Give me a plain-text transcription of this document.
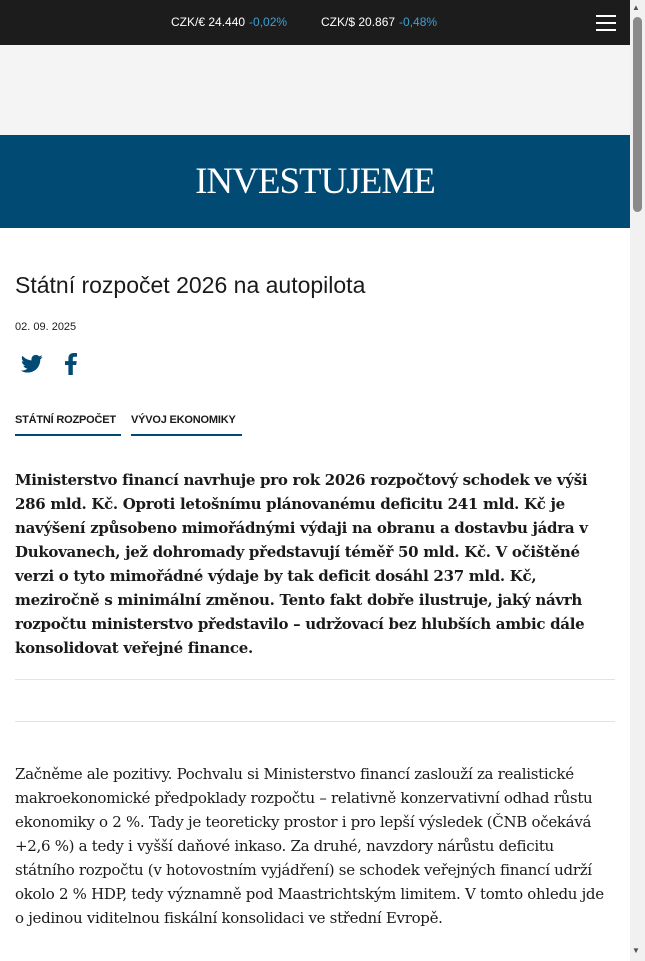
CZK/€ 24.440 -0,02%	CZK/$ 20.867 -0,48%
INVESTUJEME
Státní rozpočet 2026 na autopilota
02. 09. 2025
STÁTNÍ ROZPOČET	VÝVOJ EKONOMIKY

Ministerstvo financí navrhuje pro rok 2026 rozpočtový schodek ve výši 286 mld. Kč. Oproti letošnímu plánovanému deficitu 241 mld. Kč je navýšení způsobeno mimořádnými výdaji na obranu a dostavbu jádra v Dukovanech, jež dohromady představují téměř 50 mld. Kč. V očištěné verzi o tyto mimořádné výdaje by tak deficit dosáhl 237 mld. Kč, meziročně s minimální změnou. Tento fakt dobře ilustruje, jaký návrh rozpočtu ministerstvo představilo – udržovací bez hlubších ambic dále konsolidovat veřejné finance.

Začněme ale pozitivy. Pochvalu si Ministerstvo financí zaslouží za realistické makroekonomické předpoklady rozpočtu – relativně konzervativní odhad růstu ekonomiky o 2 %. Tady je teoreticky prostor i pro lepší výsledek (ČNB očekává +2,6 %) a tedy i vyšší daňové inkaso. Za druhé, navzdory nárůstu deficitu státního rozpočtu (v hotovostním vyjádření) se schodek veřejných financí udrží okolo 2 % HDP, tedy významně pod Maastrichtským limitem. V tomto ohledu jde o jedinou viditelnou fiskální konsolidaci ve střední Evropě.

▲
▼
